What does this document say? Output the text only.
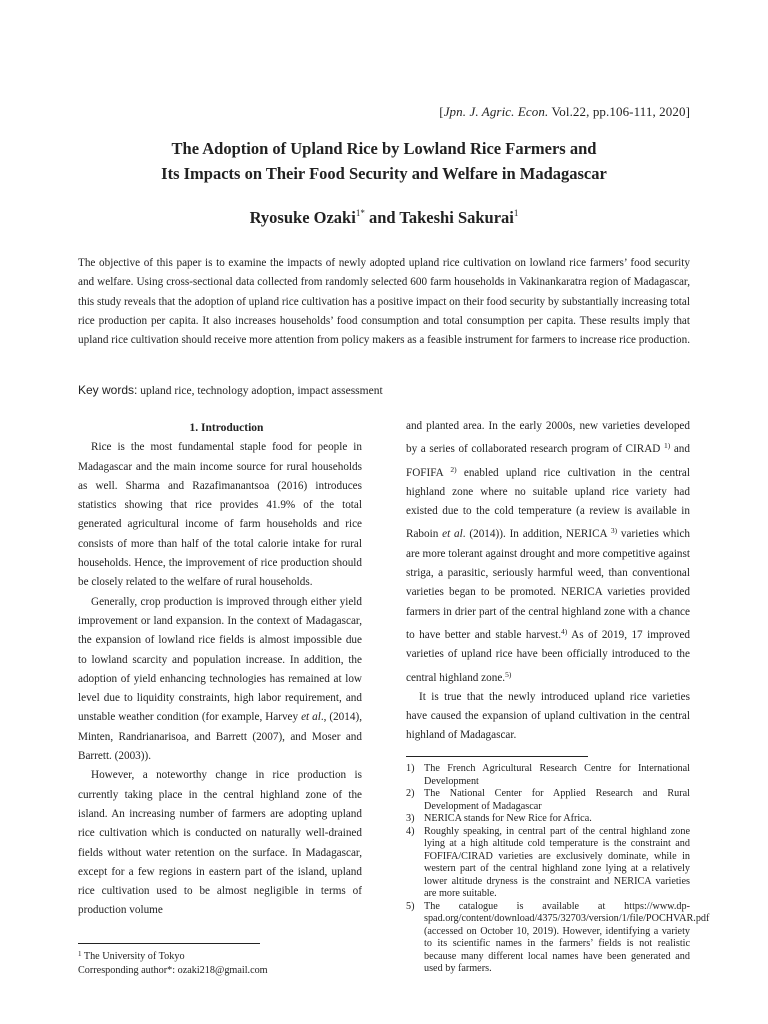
[Jpn. J. Agric. Econ. Vol.22, pp.106-111, 2020]
The Adoption of Upland Rice by Lowland Rice Farmers and
Its Impacts on Their Food Security and Welfare in Madagascar
Ryosuke Ozaki$^{1*}$ and Takeshi Sakurai$^1$

The objective of this paper is to examine the impacts of newly adopted upland rice cultivation on lowland rice farmers’ food security and welfare. Using cross-sectional data collected from randomly selected 600 farm households in Vakinankaratra region of Madagascar, this study reveals that the adoption of upland rice cultivation has a positive impact on their food security by substantially increasing total rice production per capita. It also increases households’ food consumption and total consumption per capita. These results imply that upland rice cultivation should receive more attention from policy makers as a feasible instrument for farmers to increase rice production.

Key words: upland rice, technology adoption, impact assessment

1. Introduction

Rice is the most fundamental staple food for people in Madagascar and the main income source for rural households as well. Sharma and Razafimanantsoa (2016) introduces statistics showing that rice provides 41.9% of the total generated agricultural income of farm households and rice consists of more than half of the total calorie intake for rural households. Hence, the improvement of rice production should be closely related to the welfare of rural households.

Generally, crop production is improved through either yield improvement or land expansion. In the context of Madagascar, the expansion of lowland rice fields is almost impossible due to lowland scarcity and population increase. In addition, the adoption of yield enhancing technologies has remained at low level due to liquidity constraints, high labor requirement, and unstable weather condition (for example, Harvey et al., (2014), Minten, Randrianarisoa, and Barrett (2007), and Moser and Barrett. (2003)).

However, a noteworthy change in rice production is currently taking place in the central highland zone of the island. An increasing number of farmers are adopting upland rice cultivation which is conducted on naturally well-drained fields without water retention on the surface. In Madagascar, except for a few regions in eastern part of the island, upland rice cultivation used to be almost negligible in terms of production volume

and planted area. In the early 2000s, new varieties developed by a series of collaborated research program of CIRAD $^{1)}$ and FOFIFA $^{2)}$ enabled upland rice cultivation in the central highland zone where no suitable upland rice variety had existed due to the cold temperature (a review is available in Raboin et al. (2014)). In addition, NERICA $^{3)}$ varieties which are more tolerant against drought and more competitive against striga, a parasitic, seriously harmful weed, than conventional varieties began to be promoted. NERICA varieties provided farmers in drier part of the central highland zone with a chance to have better and stable harvest.$^{4)}$ As of 2019, 17 improved varieties of upland rice have been officially introduced to the central highland zone.$^{5)}$

It is true that the newly introduced upland rice varieties have caused the expansion of upland cultivation in the central highland of Madagascar.

$^1$ The University of Tokyo
Corresponding author*: ozaki218@gmail.com
1) The French Agricultural Research Centre for International Development
2) The National Center for Applied Research and Rural Development of Madagascar
3) NERICA stands for New Rice for Africa.
4) Roughly speaking, in central part of the central highland zone lying at a high altitude cold temperature is the constraint and FOFIFA/CIRAD varieties are exclusively dominate, while in western part of the central highland zone lying at a relatively lower altitude dryness is the constraint and NERICA varieties are more suitable.
5) The catalogue is available at https://www.dp-spad.org/content/download/4375/32703/version/1/file/POCHVAR.pdf (accessed on October 10, 2019). However, identifying a variety to its scientific names in the farmers’ fields is not realistic because many different local names have been generated and used by farmers.
